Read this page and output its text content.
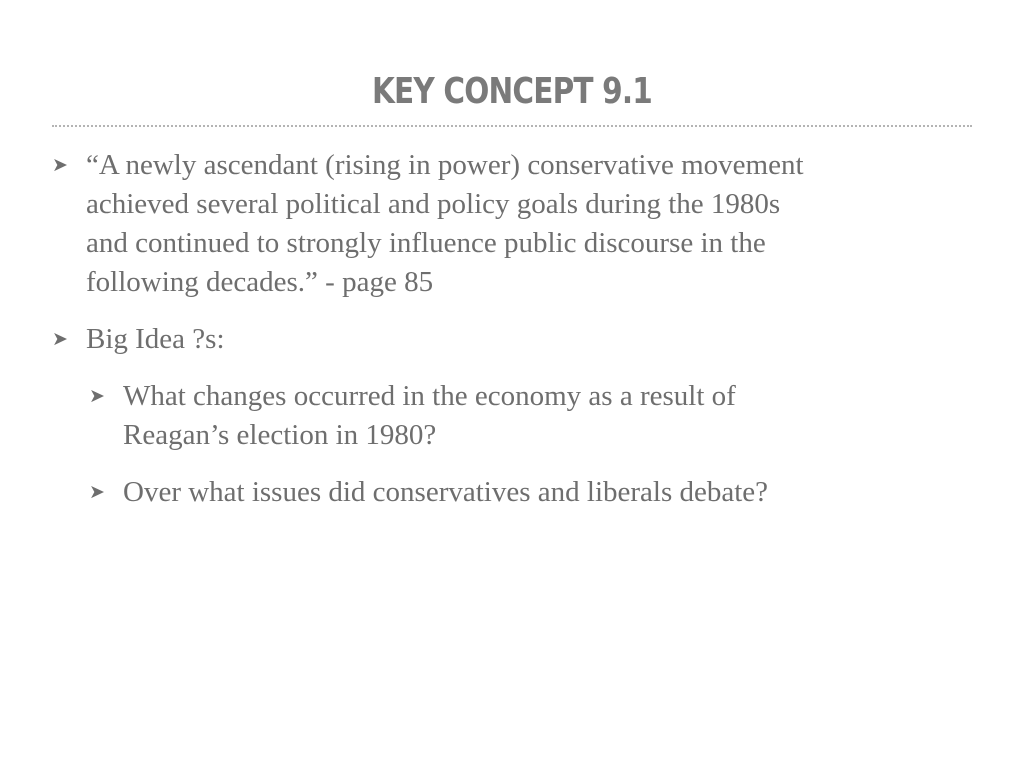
KEY CONCEPT 9.1
➤ “A newly ascendant (rising in power) conservative movement
achieved several political and policy goals during the 1980s
and continued to strongly influence public discourse in the
following decades.” - page 85
➤ Big Idea ?s:
➤ What changes occurred in the economy as a result of
Reagan’s election in 1980?
➤ Over what issues did conservatives and liberals debate?
